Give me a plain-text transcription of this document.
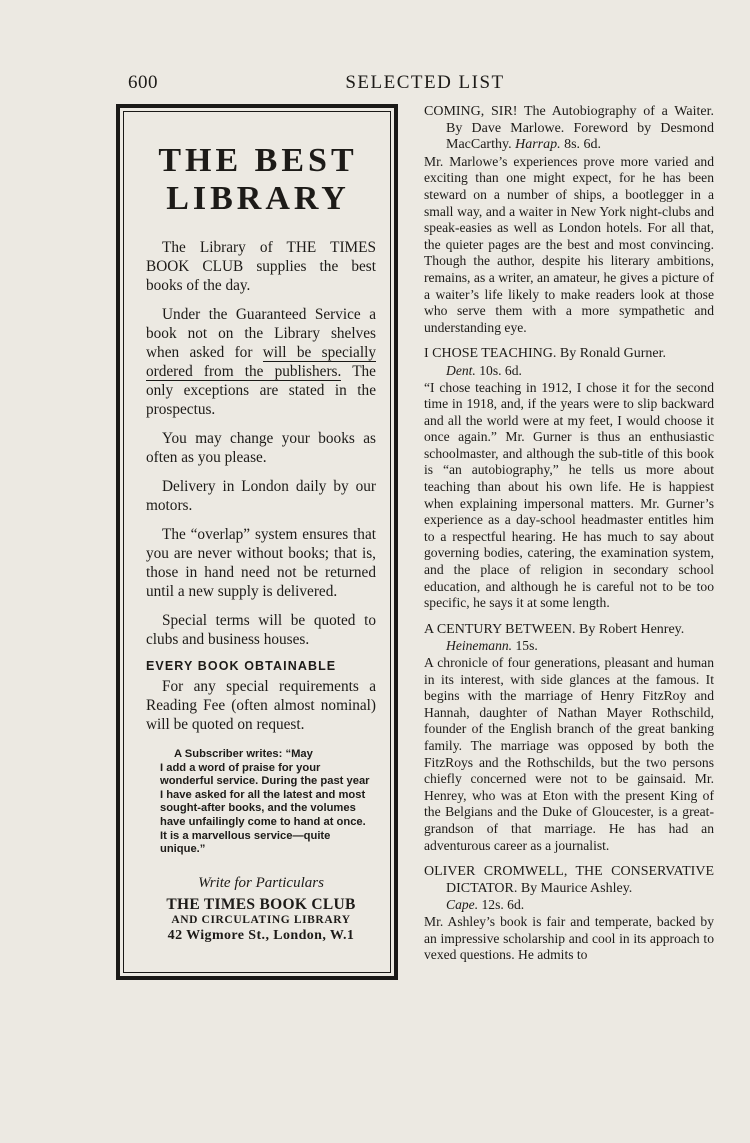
600	SELECTED LIST
THE BEST
LIBRARY

The Library of THE TIMES BOOK CLUB supplies the best books of the day.

Under the Guaranteed Service a book not on the Library shelves when asked for will be specially ordered from the publishers. The only exceptions are stated in the prospectus.

You may change your books as often as you please.

Delivery in London daily by our motors.

The “overlap” system ensures that you are never without books; that is, those in hand need not be returned until a new supply is delivered.

Special terms will be quoted to clubs and business houses.

EVERY BOOK OBTAINABLE

For any special requirements a Reading Fee (often almost nominal) will be quoted on request.

A Subscriber writes: “May
I add a word of praise for your wonderful service. During the past year I have asked for all the latest and most sought-after books, and the volumes have unfailingly come to hand at once. It is a marvellous service—quite unique.”

Write for Particulars

THE TIMES BOOK CLUB

AND CIRCULATING LIBRARY

42 Wigmore St., London, W.1

COMING, SIR! The Autobiography of a Waiter. By Dave Marlowe. Foreword by Desmond MacCarthy. Harrap. 8s. 6d.

Mr. Marlowe’s experiences prove more varied and exciting than one might expect, for he has been steward on a number of ships, a bootlegger in a small way, and a waiter in New York night-clubs and speak-easies as well as London hotels. For all that, the quieter pages are the best and most convincing. Though the author, despite his literary ambitions, remains, as a writer, an amateur, he gives a picture of a waiter’s life likely to make readers look at those who serve them with a more sympathetic and understanding eye.

I CHOSE TEACHING. By Ronald Gurner.

Dent. 10s. 6d.

“I chose teaching in 1912, I chose it for the second time in 1918, and, if the years were to slip backward and all the world were at my feet, I would choose it once again.” Mr. Gurner is thus an enthusiastic schoolmaster, and although the sub-title of this book is “an autobiography,” he tells us more about teaching than about his own life. He is happiest when explaining impersonal matters. Mr. Gurner’s experience as a day-school headmaster entitles him to a respectful hearing. He has much to say about governing bodies, catering, the examination system, and the place of religion in secondary school education, and although he is careful not to be too specific, he says it at some length.

A CENTURY BETWEEN. By Robert Henrey.

Heinemann. 15s.

A chronicle of four generations, pleasant and human in its interest, with side glances at the famous. It begins with the marriage of Henry FitzRoy and Hannah, daughter of Nathan Mayer Rothschild, founder of the English branch of the great banking family. The marriage was opposed by both the FitzRoys and the Rothschilds, but the two persons chiefly concerned were not to be gainsaid. Mr. Henrey, who was at Eton with the present King of the Belgians and the Duke of Gloucester, is a great-grandson of that marriage. He has had an adventurous career as a journalist.

OLIVER CROMWELL, THE CONSERVATIVE DICTATOR. By Maurice Ashley.

Cape. 12s. 6d.

Mr. Ashley’s book is fair and temperate, backed by an impressive scholarship and cool in its approach to vexed questions. He admits to
